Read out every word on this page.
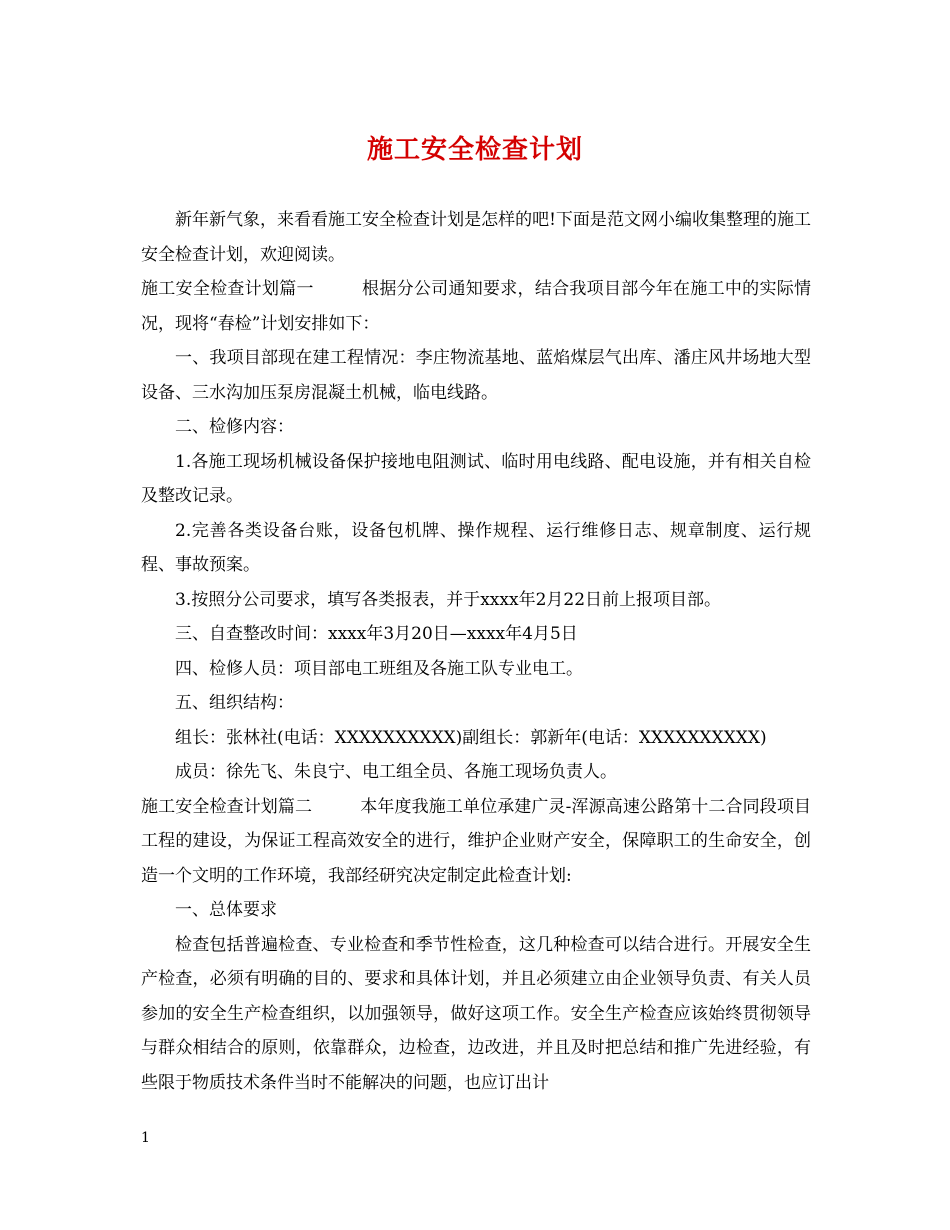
施工安全检查计划

新年新气象，来看看施工安全检查计划是怎样的吧!下面是范文网小编收集整理的施工安全检查计划，欢迎阅读。

施工安全检查计划篇一	根据分公司通知要求，结合我项目部今年在施工中的实际情况，现将“春检”计划安排如下：

一、我项目部现在建工程情况：李庄物流基地、蓝焰煤层气出库、潘庄风井场地大型设备、三水沟加压泵房混凝土机械，临电线路。

二、检修内容：

1.各施工现场机械设备保护接地电阻测试、临时用电线路、配电设施，并有相关自检及整改记录。

2.完善各类设备台账，设备包机牌、操作规程、运行维修日志、规章制度、运行规程、事故预案。

3.按照分公司要求，填写各类报表，并于xxxx年2月22日前上报项目部。

三、自查整改时间：xxxx年3月20日—xxxx年4月5日

四、检修人员：项目部电工班组及各施工队专业电工。

五、组织结构：

组长：张林社(电话：XXXXXXXXXX)副组长：郭新年(电话：XXXXXXXXXX)

成员：徐先飞、朱良宁、电工组全员、各施工现场负责人。

施工安全检查计划篇二	本年度我施工单位承建广灵-浑源高速公路第十二合同段项目工程的建设，为保证工程高效安全的进行，维护企业财产安全，保障职工的生命安全，创造一个文明的工作环境，我部经研究决定制定此检查计划:

一、总体要求

检查包括普遍检查、专业检查和季节性检查，这几种检查可以结合进行。开展安全生产检查，必须有明确的目的、要求和具体计划，并且必须建立由企业领导负责、有关人员参加的安全生产检查组织，以加强领导，做好这项工作。安全生产检查应该始终贯彻领导与群众相结合的原则，依靠群众，边检查，边改进，并且及时把总结和推广先进经验，有些限于物质技术条件当时不能解决的问题，也应订出计

1
